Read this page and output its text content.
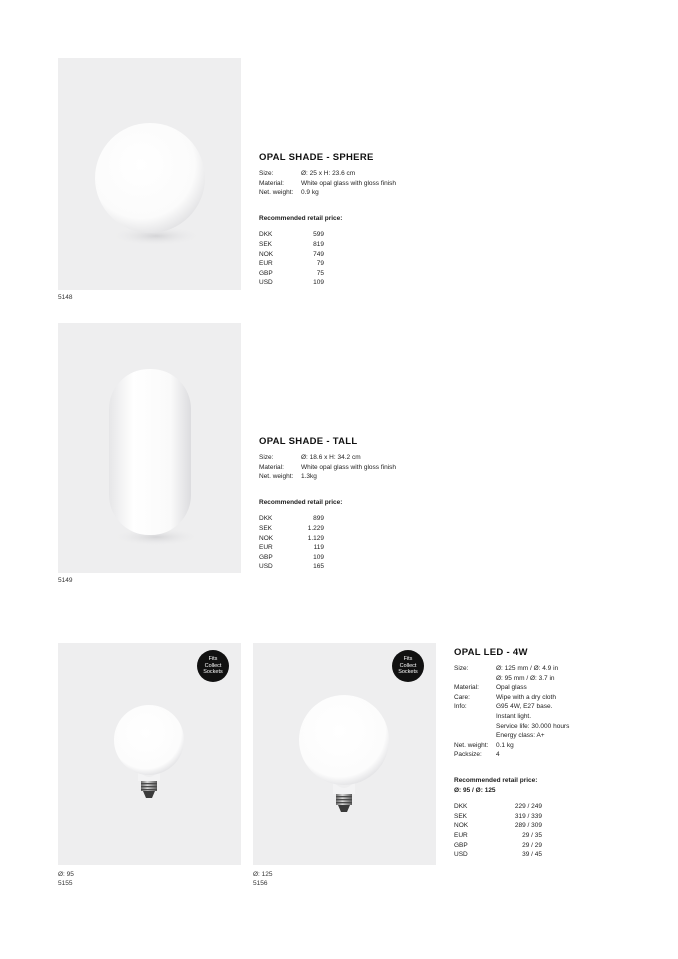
5148
OPAL SHADE - SPHERE
Size:	Ø: 25 x H: 23.6 cm
Material:	White opal glass with gloss finish
Net. weight:	0.9 kg
Recommended retail price:
DKK	599
SEK	819
NOK	749
EUR	79
GBP	75
USD	109
5149
OPAL SHADE - TALL
Size:	Ø: 18.6 x H: 34.2 cm
Material:	White opal glass with gloss finish
Net. weight:	1.3kg
Recommended retail price:
DKK	899
SEK	1.229
NOK	1.129
EUR	119
GBP	109
USD	165
Fits
Collect
Sockets
Ø: 95
5155
Fits
Collect
Sockets
Ø: 125
5156
OPAL LED - 4W
Size:	Ø: 125 mm / Ø: 4.9 in
Ø: 95 mm / Ø: 3.7 in
Material:	Opal glass
Care:	Wipe with a dry cloth
Info:	G95 4W, E27 base.
Instant light.
Service life: 30.000 hours
Energy class: A+
Net. weight:	0.1 kg
Packsize:	4
Recommended retail price:
Ø: 95 / Ø: 125
DKK	229 / 249
SEK	319 / 339
NOK	289 / 309
EUR	29 / 35
GBP	29 / 29
USD	39 / 45
